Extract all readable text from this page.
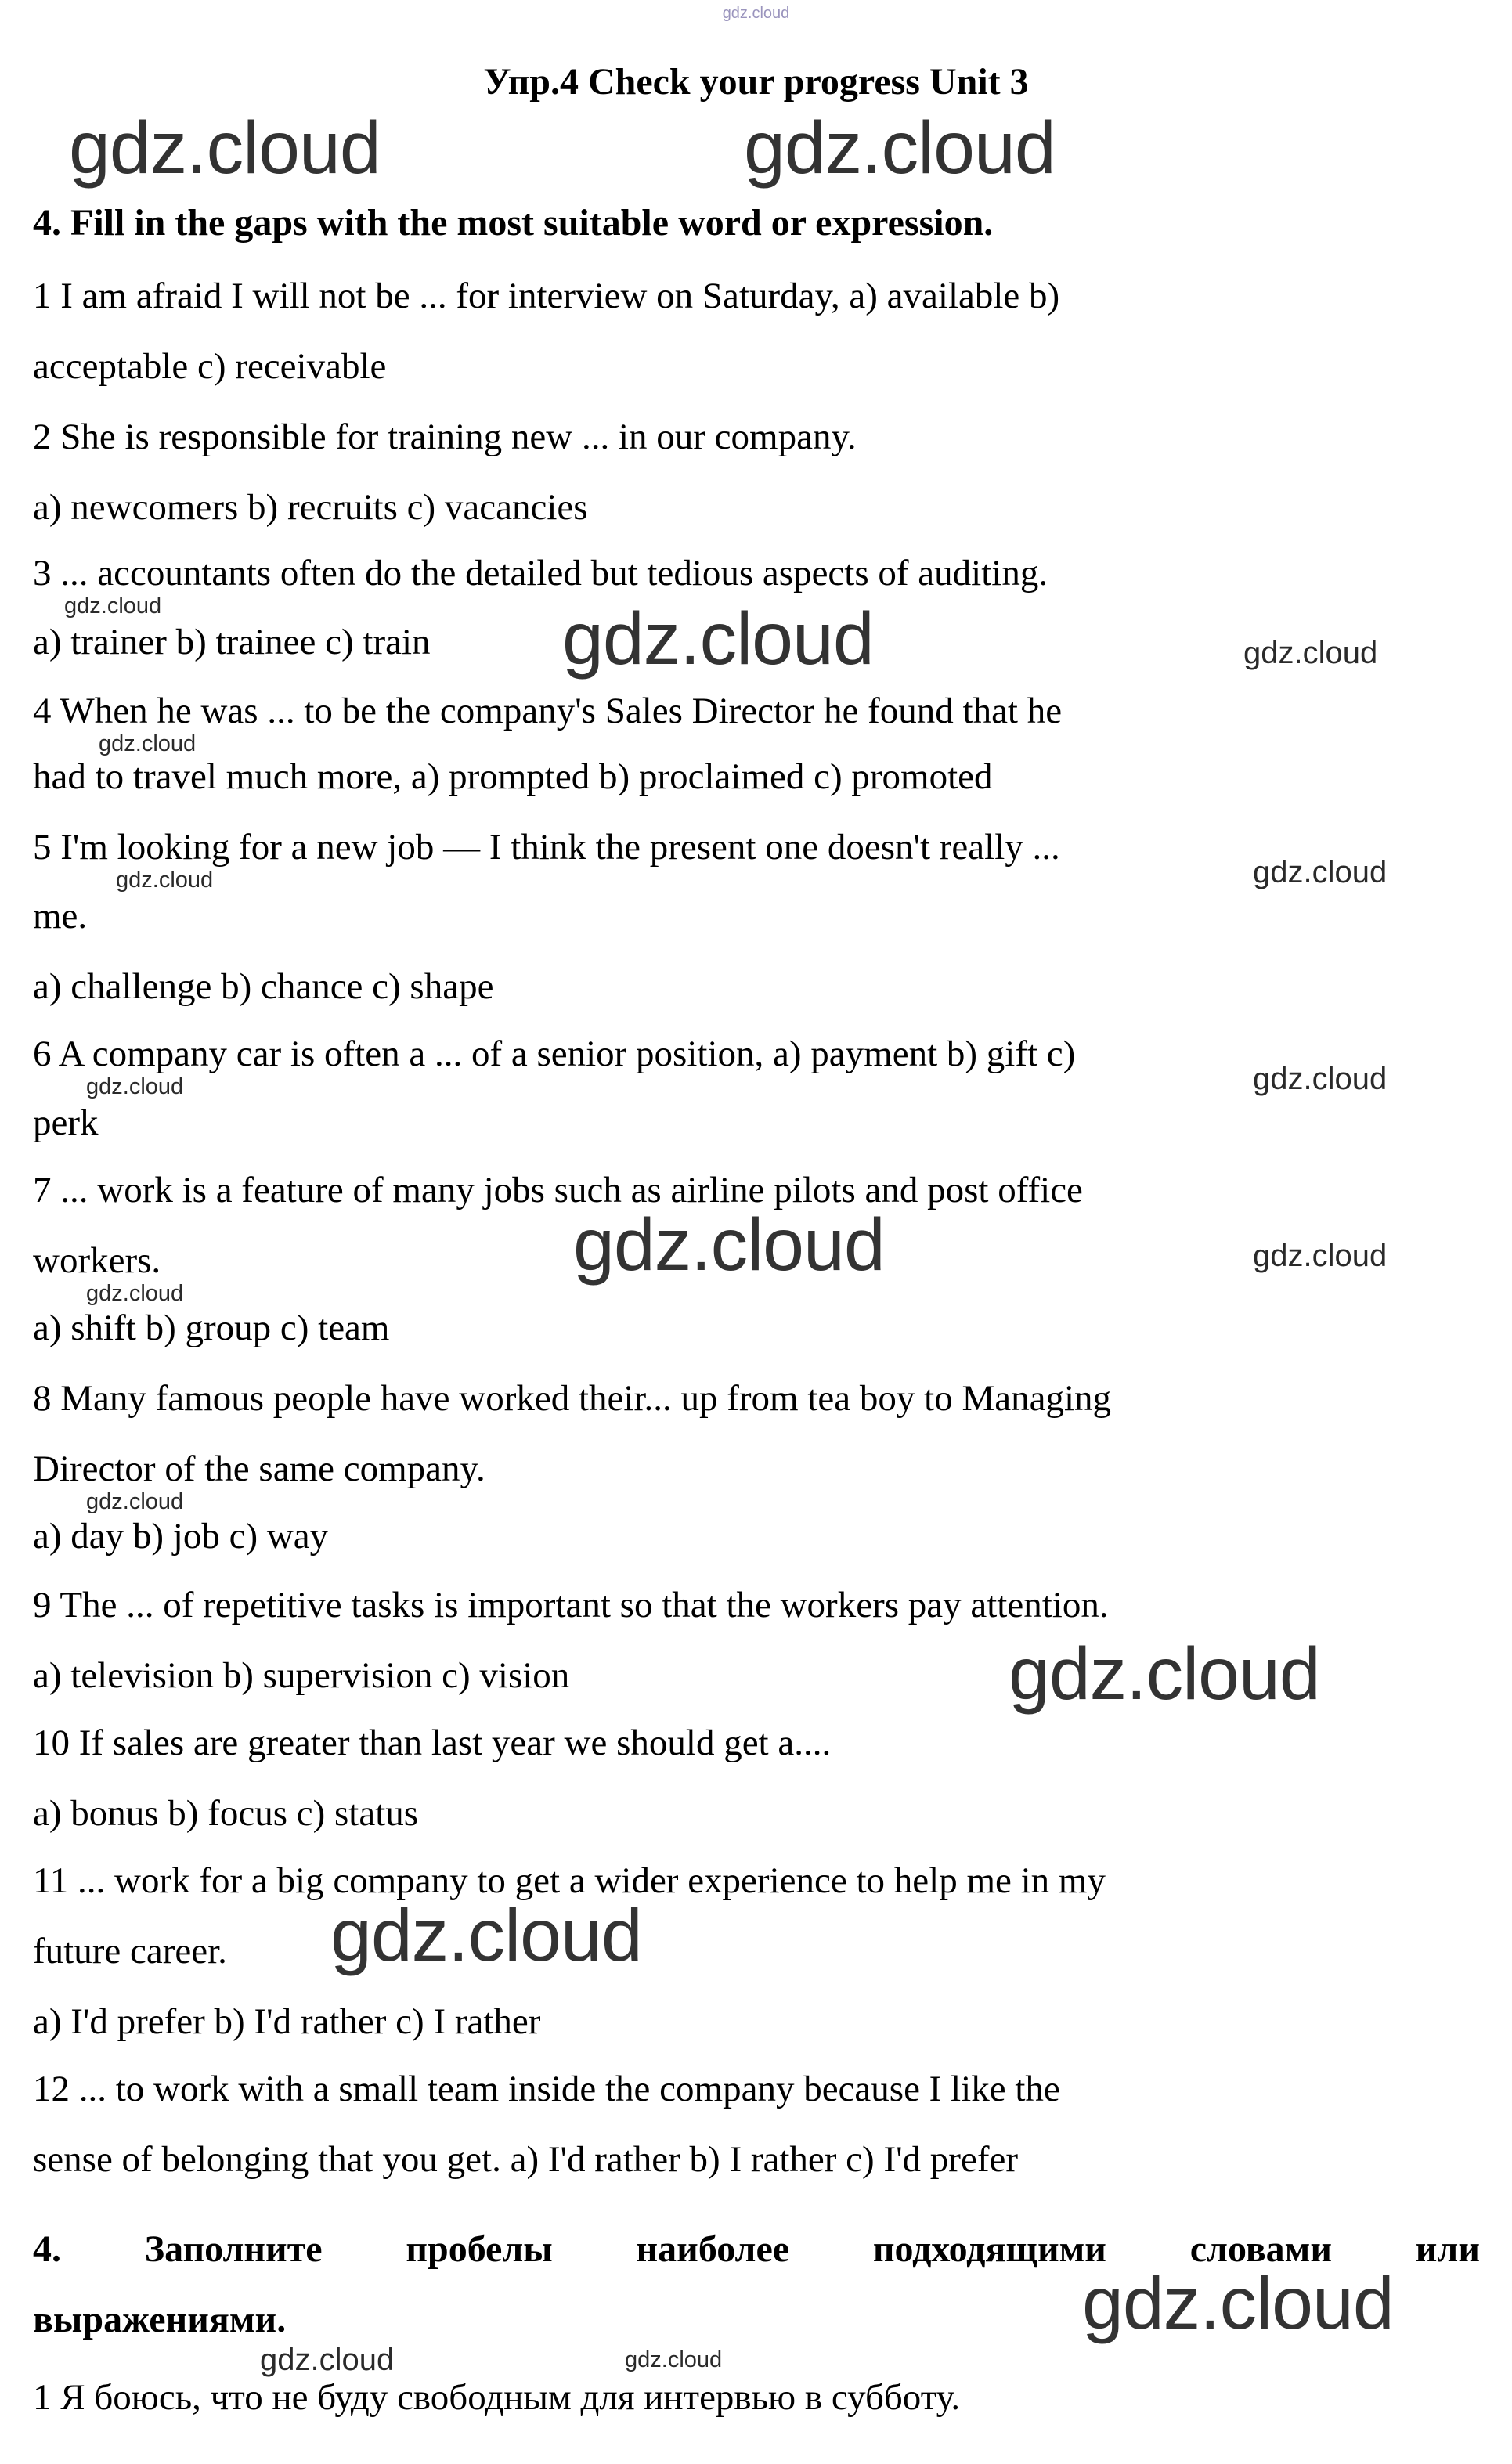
gdz.cloud
Упр.4 Check your progress Unit 3
gdz.cloud	gdz.cloud
4. Fill in the gaps with the most suitable word or expression.
1 I am afraid I will not be ... for interview on Saturday, a) available b)
acceptable c) receivable
2 She is responsible for training new ... in our company.
a) newcomers b) recruits c) vacancies
3 ... accountants often do the detailed but tedious aspects of auditing.
gdz.cloud
a) trainer b) trainee c) train gdz.cloud	gdz.cloud
4 When he was ... to be the company's Sales Director he found that he
gdz.cloud
had to travel much more, a) prompted b) proclaimed c) promoted
5 I'm looking for a new job — I think the present one doesn't really ...
gdz.cloud	gdz.cloud
me.
a) challenge b) chance c) shape
6 A company car is often a ... of a senior position, a) payment b) gift c)
gdz.cloud	gdz.cloud
perk
7 ... work is a feature of many jobs such as airline pilots and post office
workers.	gdz.cloud	gdz.cloud
gdz.cloud
a) shift b) group c) team
8 Many famous people have worked their... up from tea boy to Managing
Director of the same company.
gdz.cloud
a) day b) job c) way
9 The ... of repetitive tasks is important so that the workers pay attention.
a) television b) supervision c) vision	gdz.cloud
10 If sales are greater than last year we should get a....
a) bonus b) focus c) status
11 ... work for a big company to get a wider experience to help me in my
future career. gdz.cloud
a) I'd prefer b) I'd rather c) I rather
12 ... to work with a small team inside the company because I like the
sense of belonging that you get. a) I'd rather b) I rather c) I'd prefer
4. Заполните пробелы наиболее подходящими словами или
выражениями.	gdz.cloud
gdz.cloud	gdz.cloud
1 Я боюсь, что не буду свободным для интервью в субботу.
